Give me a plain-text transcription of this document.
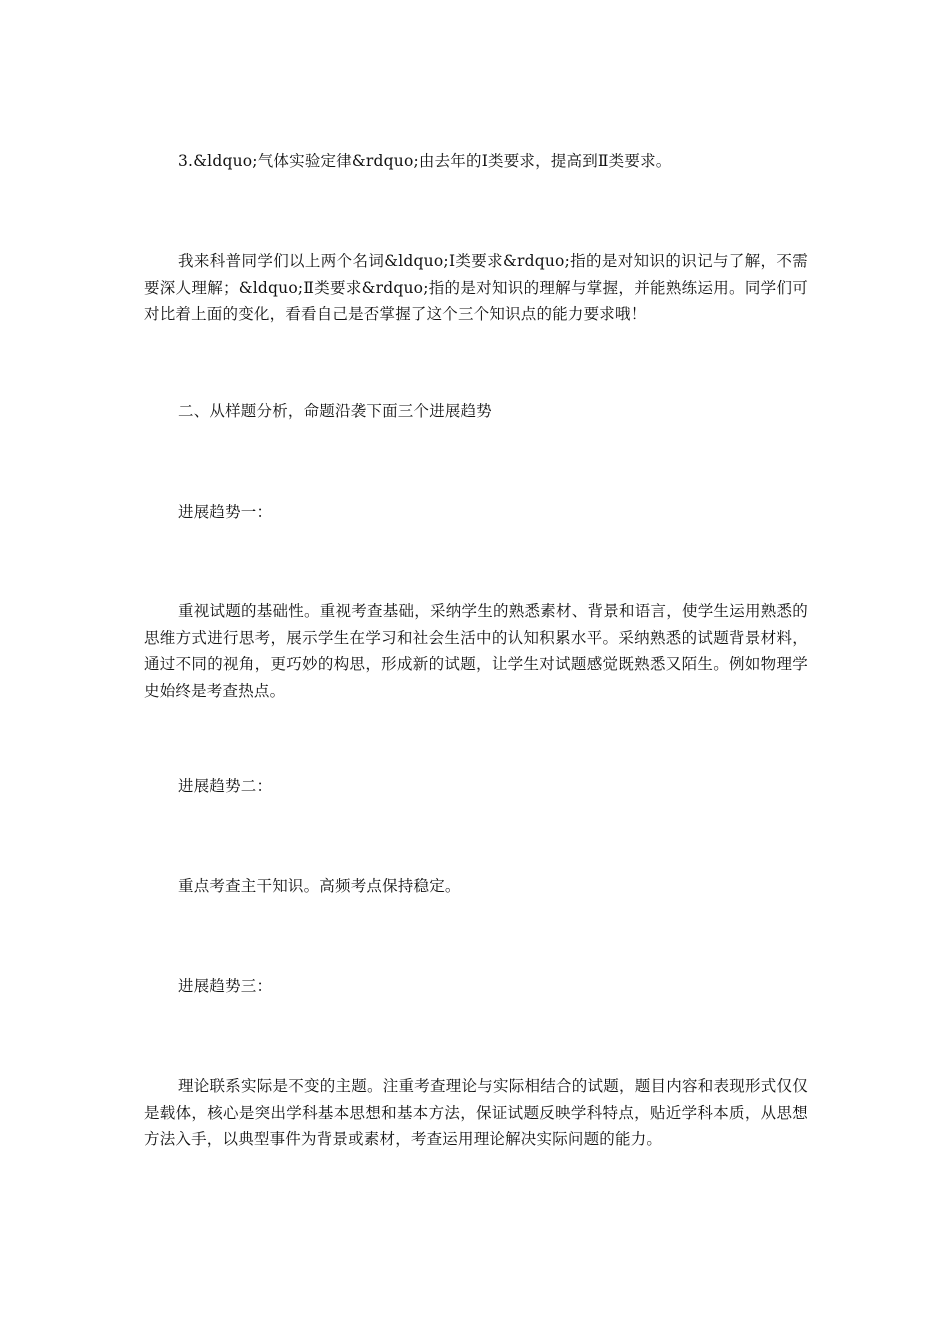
3.&ldquo;气体实验定律&rdquo;由去年的Ⅰ类要求，提高到Ⅱ类要求。

我来科普同学们以上两个名词&ldquo;Ⅰ类要求&rdquo;指的是对知识的识记与了解，不需要深人理解；&ldquo;Ⅱ类要求&rdquo;指的是对知识的理解与掌握，并能熟练运用。同学们可对比着上面的变化，看看自己是否掌握了这个三个知识点的能力要求哦！

二、从样题分析，命题沿袭下面三个进展趋势

进展趋势一：

重视试题的基础性。重视考查基础，采纳学生的熟悉素材、背景和语言，使学生运用熟悉的思维方式进行思考，展示学生在学习和社会生活中的认知积累水平。采纳熟悉的试题背景材料，通过不同的视角，更巧妙的构思，形成新的试题，让学生对试题感觉既熟悉又陌生。例如物理学史始终是考查热点。

进展趋势二：

重点考查主干知识。高频考点保持稳定。

进展趋势三：

理论联系实际是不变的主题。注重考查理论与实际相结合的试题，题目内容和表现形式仅仅是载体，核心是突出学科基本思想和基本方法，保证试题反映学科特点，贴近学科本质，从思想方法入手，以典型事件为背景或素材，考查运用理论解决实际问题的能力。
